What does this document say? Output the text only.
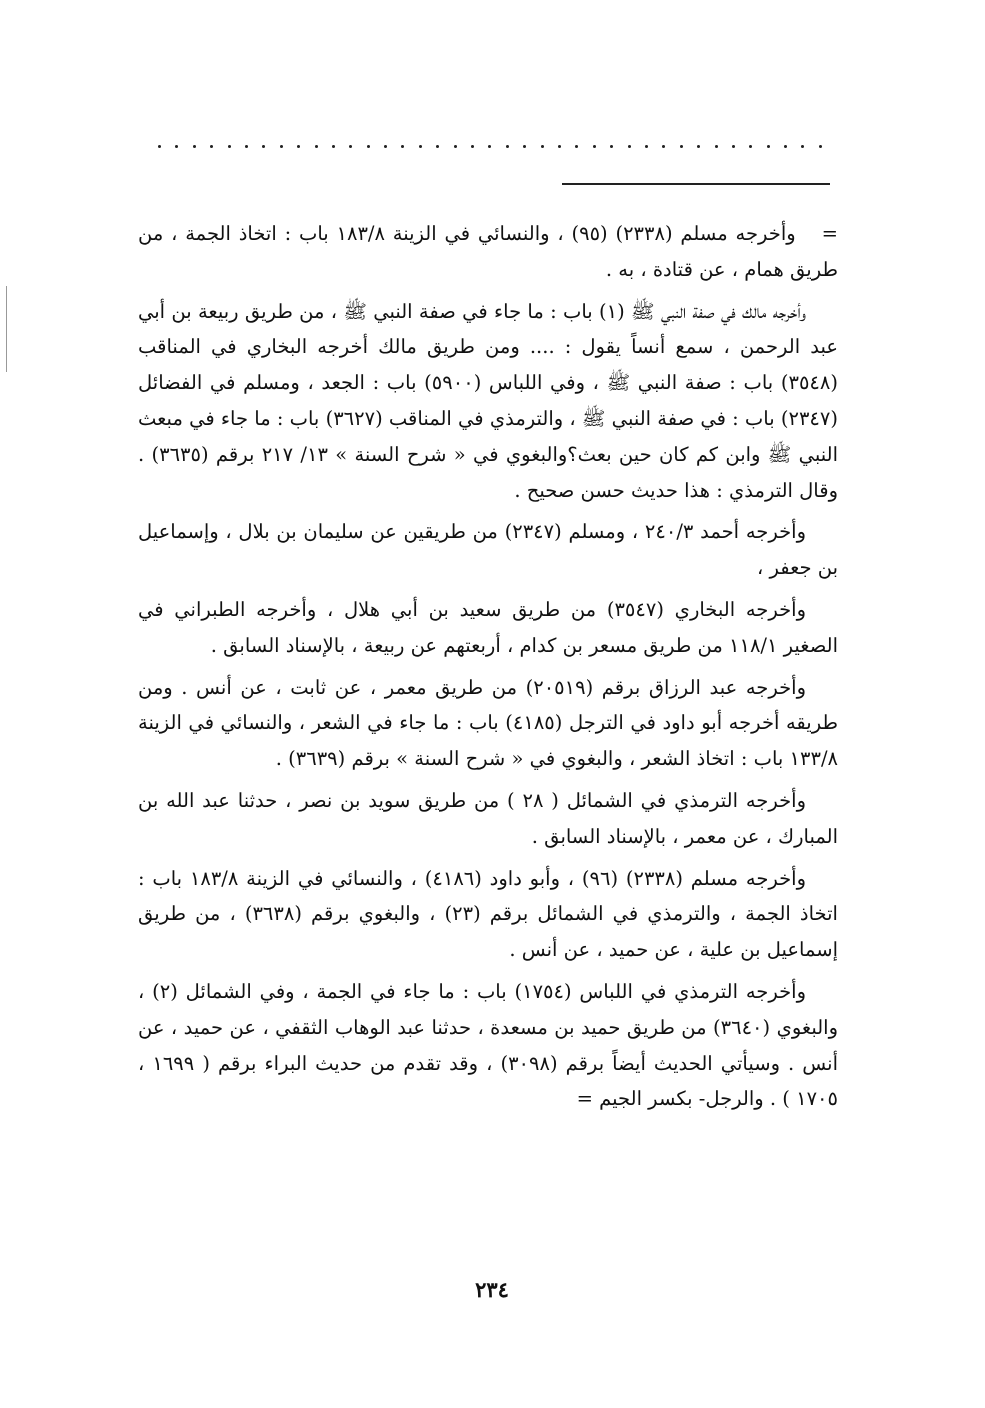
=وأخرجه مسلم (٢٣٣٨) (٩٥) ، والنسائي في الزينة ١٨٣/٨ باب : اتخاذ الجمة ، من طريق همام ، عن قتادة ، به .

وأخرجه مالك في صفة النبي ﷺ (١) باب : ما جاء في صفة النبي ﷺ ، من طريق ربيعة بن أبي عبد الرحمن ، سمع أنساً يقول : .... ومن طريق مالك أخرجه البخاري في المناقب (٣٥٤٨) باب : صفة النبي ﷺ ، وفي اللباس (٥٩٠٠) باب : الجعد ، ومسلم في الفضائل (٢٣٤٧) باب : في صفة النبي ﷺ ، والترمذي في المناقب (٣٦٢٧) باب : ما جاء في مبعث النبي ﷺ وابن كم كان حين بعث؟والبغوي في « شرح السنة » ١٣/ ٢١٧ برقم (٣٦٣٥) . وقال الترمذي : هذا حديث حسن صحيح .

وأخرجه أحمد ٢٤٠/٣ ، ومسلم (٢٣٤٧) من طريقين عن سليمان بن بلال ، وإسماعيل بن جعفر ،

وأخرجه البخاري (٣٥٤٧) من طريق سعيد بن أبي هلال ، وأخرجه الطبراني في الصغير ١١٨/١ من طريق مسعر بن كدام ، أربعتهم عن ربيعة ، بالإسناد السابق .

وأخرجه عبد الرزاق برقم (٢٠٥١٩) من طريق معمر ، عن ثابت ، عن أنس . ومن طريقه أخرجه أبو داود في الترجل (٤١٨٥) باب : ما جاء في الشعر ، والنسائي في الزينة ١٣٣/٨ باب : اتخاذ الشعر ، والبغوي في « شرح السنة » برقم (٣٦٣٩) .

وأخرجه الترمذي في الشمائل ( ٢٨ ) من طريق سويد بن نصر ، حدثنا عبد الله بن المبارك ، عن معمر ، بالإسناد السابق .

وأخرجه مسلم (٢٣٣٨) (٩٦) ، وأبو داود (٤١٨٦) ، والنسائي في الزينة ١٨٣/٨ باب : اتخاذ الجمة ، والترمذي في الشمائل برقم (٢٣) ، والبغوي برقم (٣٦٣٨) ، من طريق إسماعيل بن علية ، عن حميد ، عن أنس .

وأخرجه الترمذي في اللباس (١٧٥٤) باب : ما جاء في الجمة ، وفي الشمائل (٢) ، والبغوي (٣٦٤٠) من طريق حميد بن مسعدة ، حدثنا عبد الوهاب الثقفي ، عن حميد ، عن أنس . وسيأتي الحديث أيضاً برقم (٣٠٩٨) ، وقد تقدم من حديث البراء برقم ( ١٦٩٩ ، ١٧٠٥ ) . والرجل- بكسر الجيم =

٢٣٤
